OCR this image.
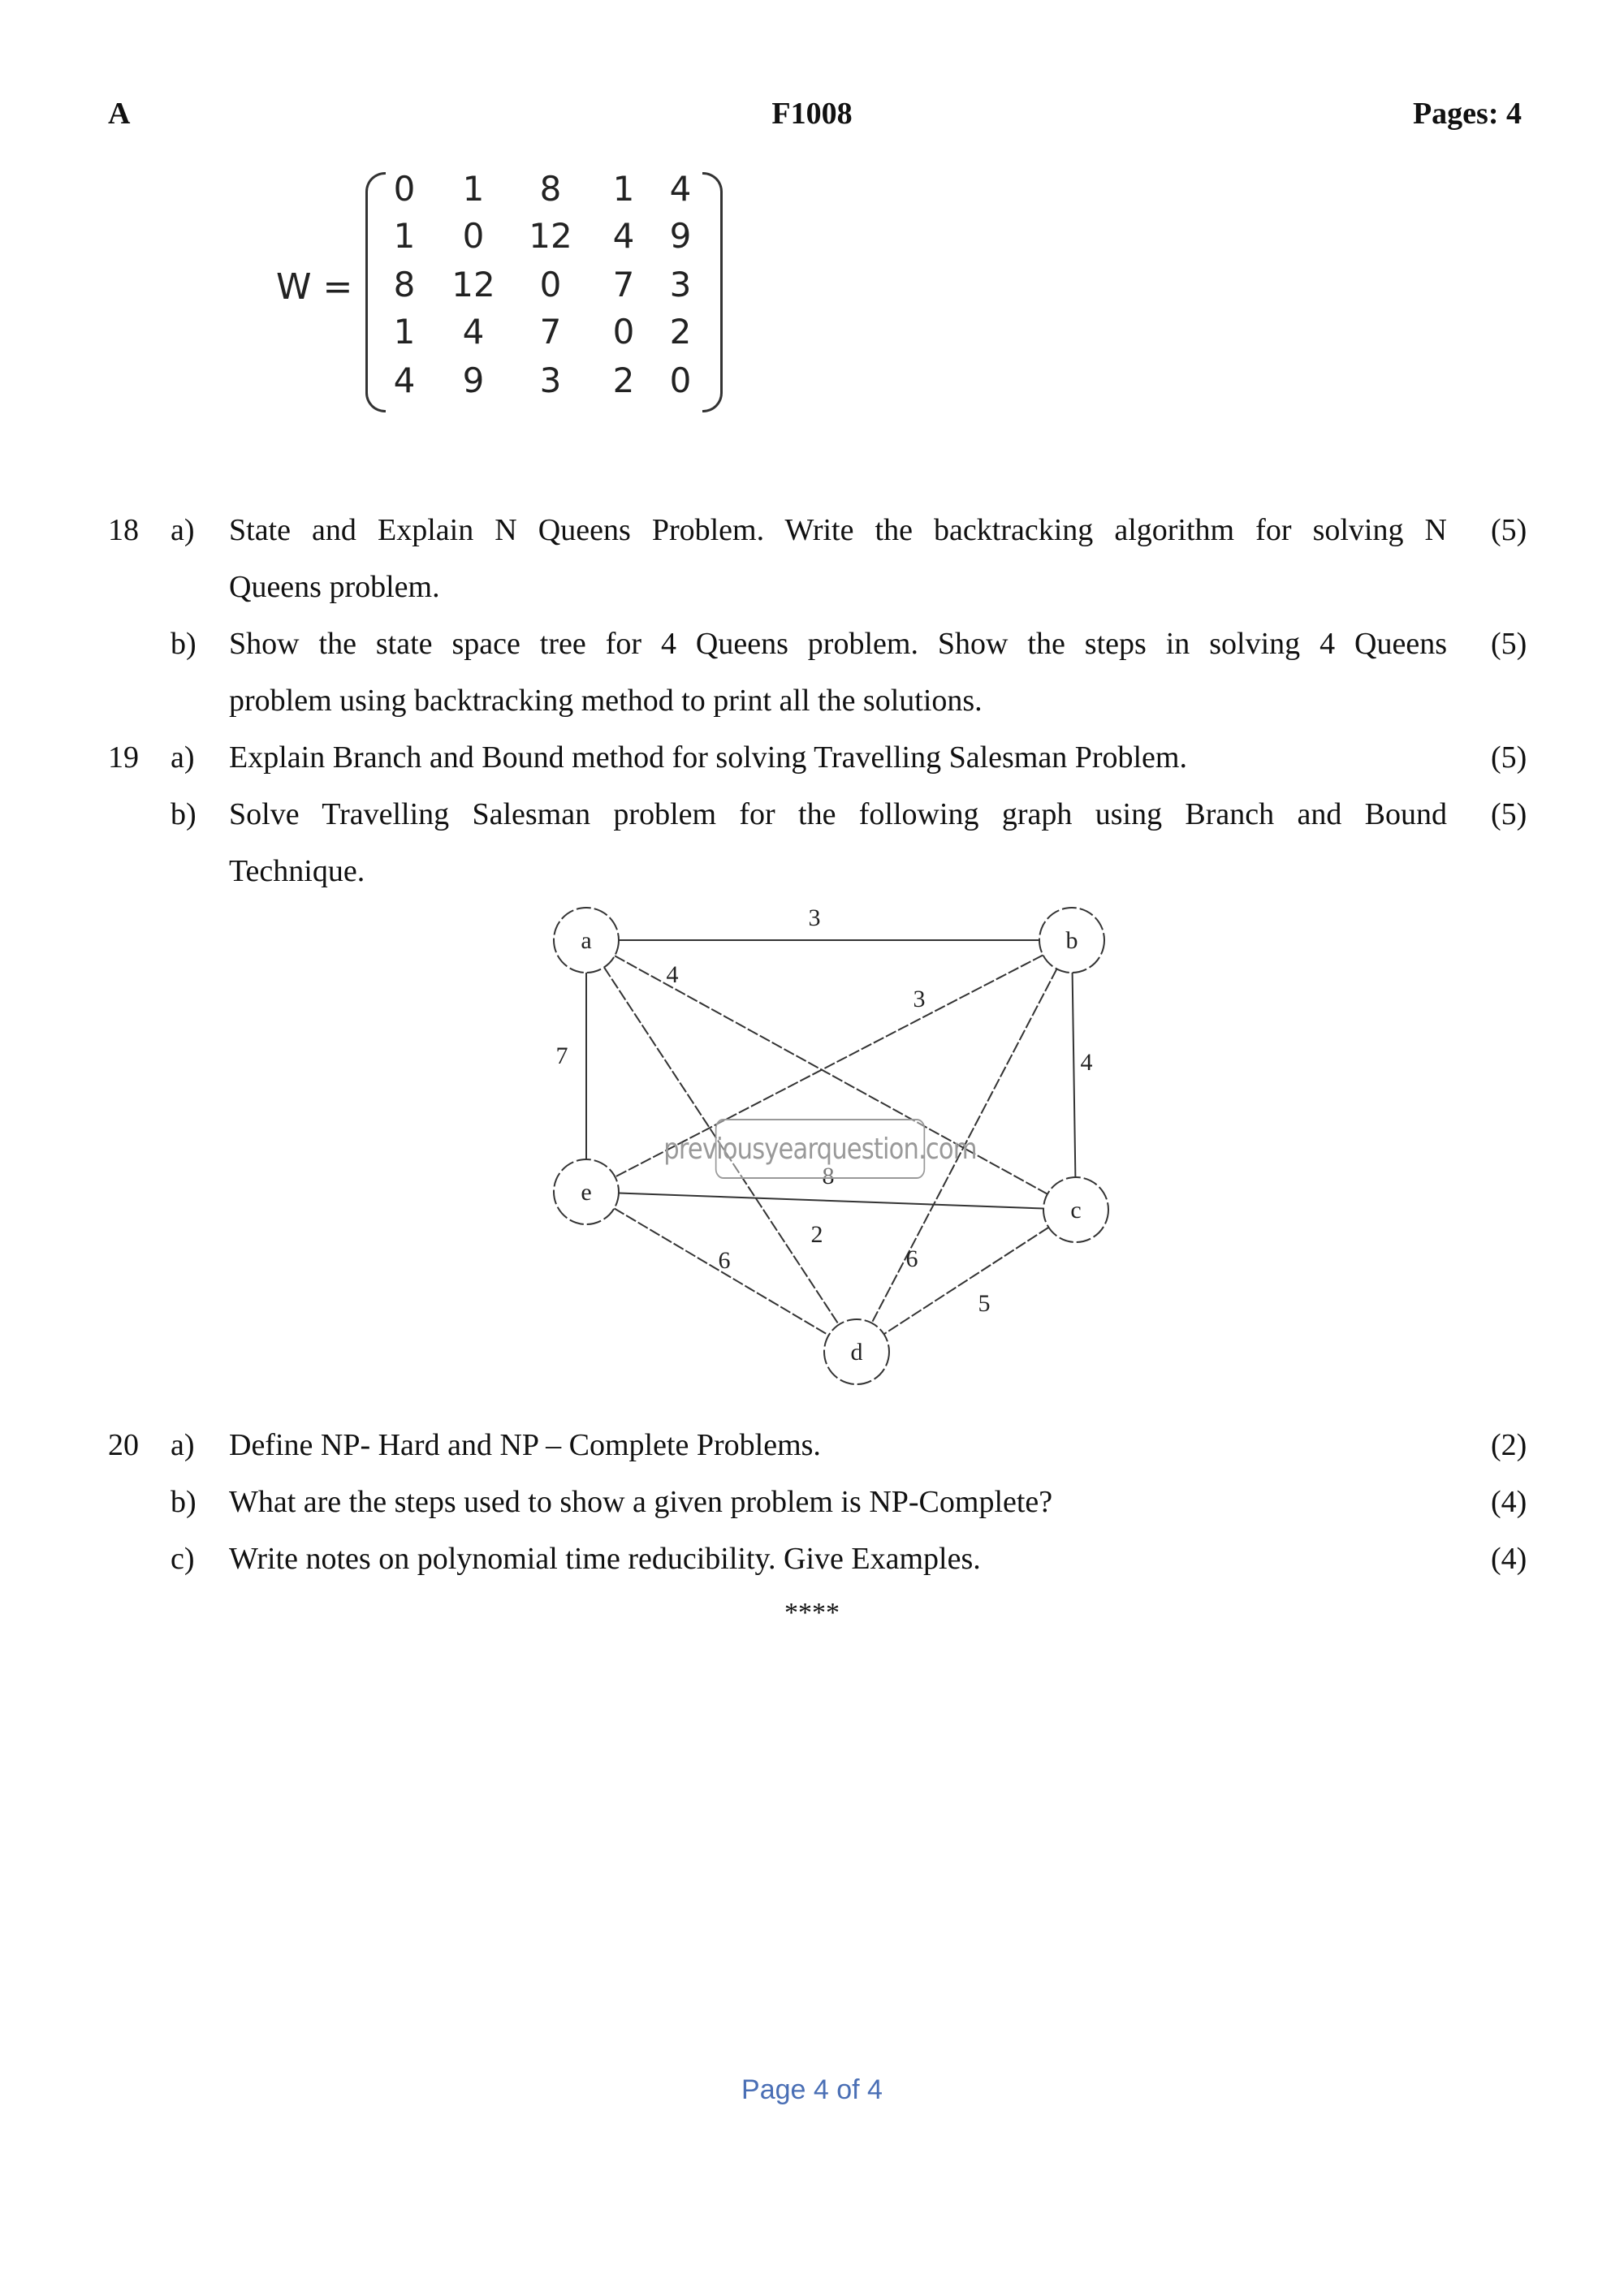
A	F1008	Pages: 4
W =
0	1	8	1	4
1	0	12	4	9
8	12	0	7	3
1	4	7	0	2
4	9	3	2	0
18 a) State and Explain N Queens Problem. Write the backtracking algorithm for solving N (5)
Queens problem.
b) Show the state space tree for 4 Queens problem. Show the steps in solving 4 Queens (5)
problem using backtracking method to print all the solutions.
19 a) Explain Branch and Bound method for solving Travelling Salesman Problem.	(5)
b) Solve Travelling Salesman problem for the following graph using Branch and Bound (5)
Technique.
3
4
7
2
3
4
6
8
6
5
a	b
c
d
e
previousyearquestion.com
20 a) Define NP- Hard and NP – Complete Problems.	(2)
b) What are the steps used to show a given problem is NP-Complete?	(4)
c) Write notes on polynomial time reducibility. Give Examples.	(4)
****
Page 4 of 4
